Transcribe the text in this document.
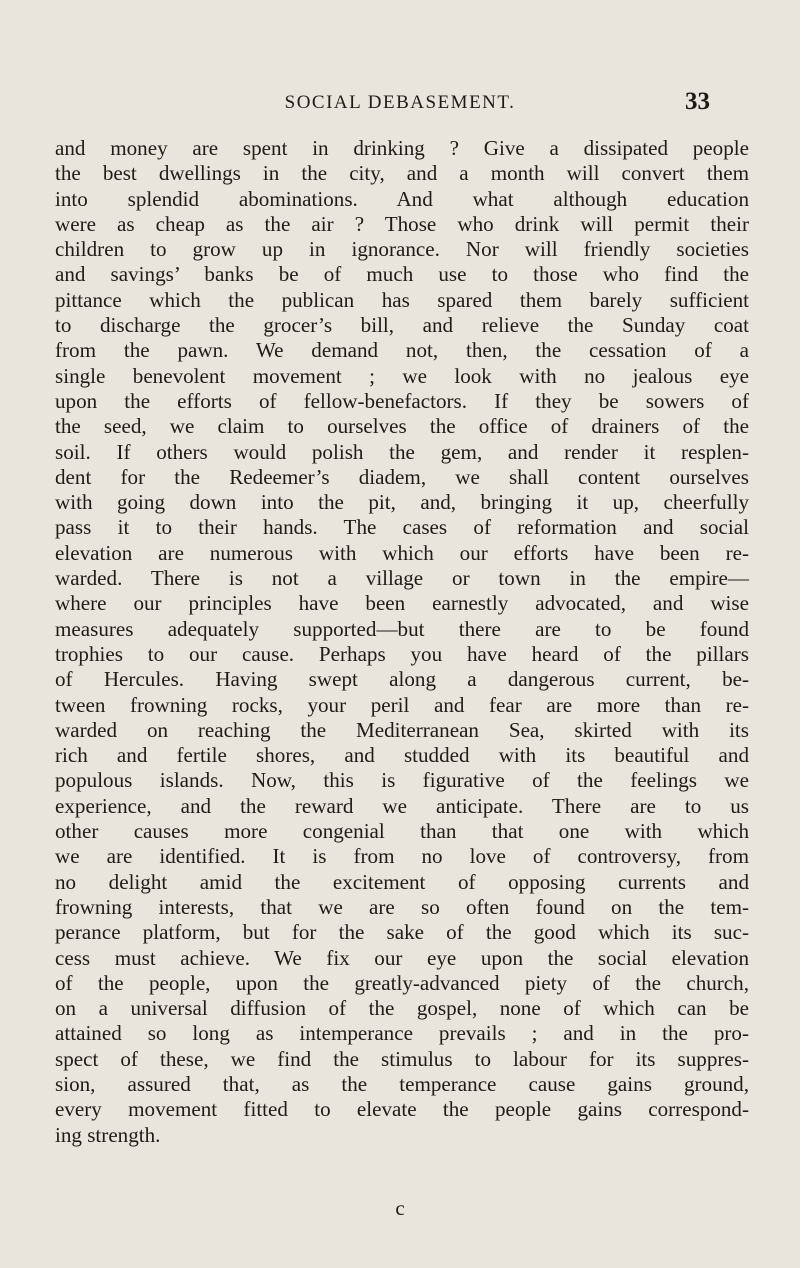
SOCIAL DEBASEMENT.	33
and money are spent in drinking ? Give a dissipated people
the best dwellings in the city, and a month will convert them
into splendid abominations. And what although education
were as cheap as the air ? Those who drink will permit their
children to grow up in ignorance. Nor will friendly societies
and savings’ banks be of much use to those who find the
pittance which the publican has spared them barely sufficient
to discharge the grocer’s bill, and relieve the Sunday coat
from the pawn. We demand not, then, the cessation of a
single benevolent movement ; we look with no jealous eye
upon the efforts of fellow-benefactors. If they be sowers of
the seed, we claim to ourselves the office of drainers of the
soil. If others would polish the gem, and render it resplen-
dent for the Redeemer’s diadem, we shall content ourselves
with going down into the pit, and, bringing it up, cheerfully
pass it to their hands. The cases of reformation and social
elevation are numerous with which our efforts have been re-
warded. There is not a village or town in the empire—
where our principles have been earnestly advocated, and wise
measures adequately supported—but there are to be found
trophies to our cause. Perhaps you have heard of the pillars
of Hercules. Having swept along a dangerous current, be-
tween frowning rocks, your peril and fear are more than re-
warded on reaching the Mediterranean Sea, skirted with its
rich and fertile shores, and studded with its beautiful and
populous islands. Now, this is figurative of the feelings we
experience, and the reward we anticipate. There are to us
other causes more congenial than that one with which
we are identified. It is from no love of controversy, from
no delight amid the excitement of opposing currents and
frowning interests, that we are so often found on the tem-
perance platform, but for the sake of the good which its suc-
cess must achieve. We fix our eye upon the social elevation
of the people, upon the greatly-advanced piety of the church,
on a universal diffusion of the gospel, none of which can be
attained so long as intemperance prevails ; and in the pro-
spect of these, we find the stimulus to labour for its suppres-
sion, assured that, as the temperance cause gains ground,
every movement fitted to elevate the people gains correspond-
ing strength.
c
